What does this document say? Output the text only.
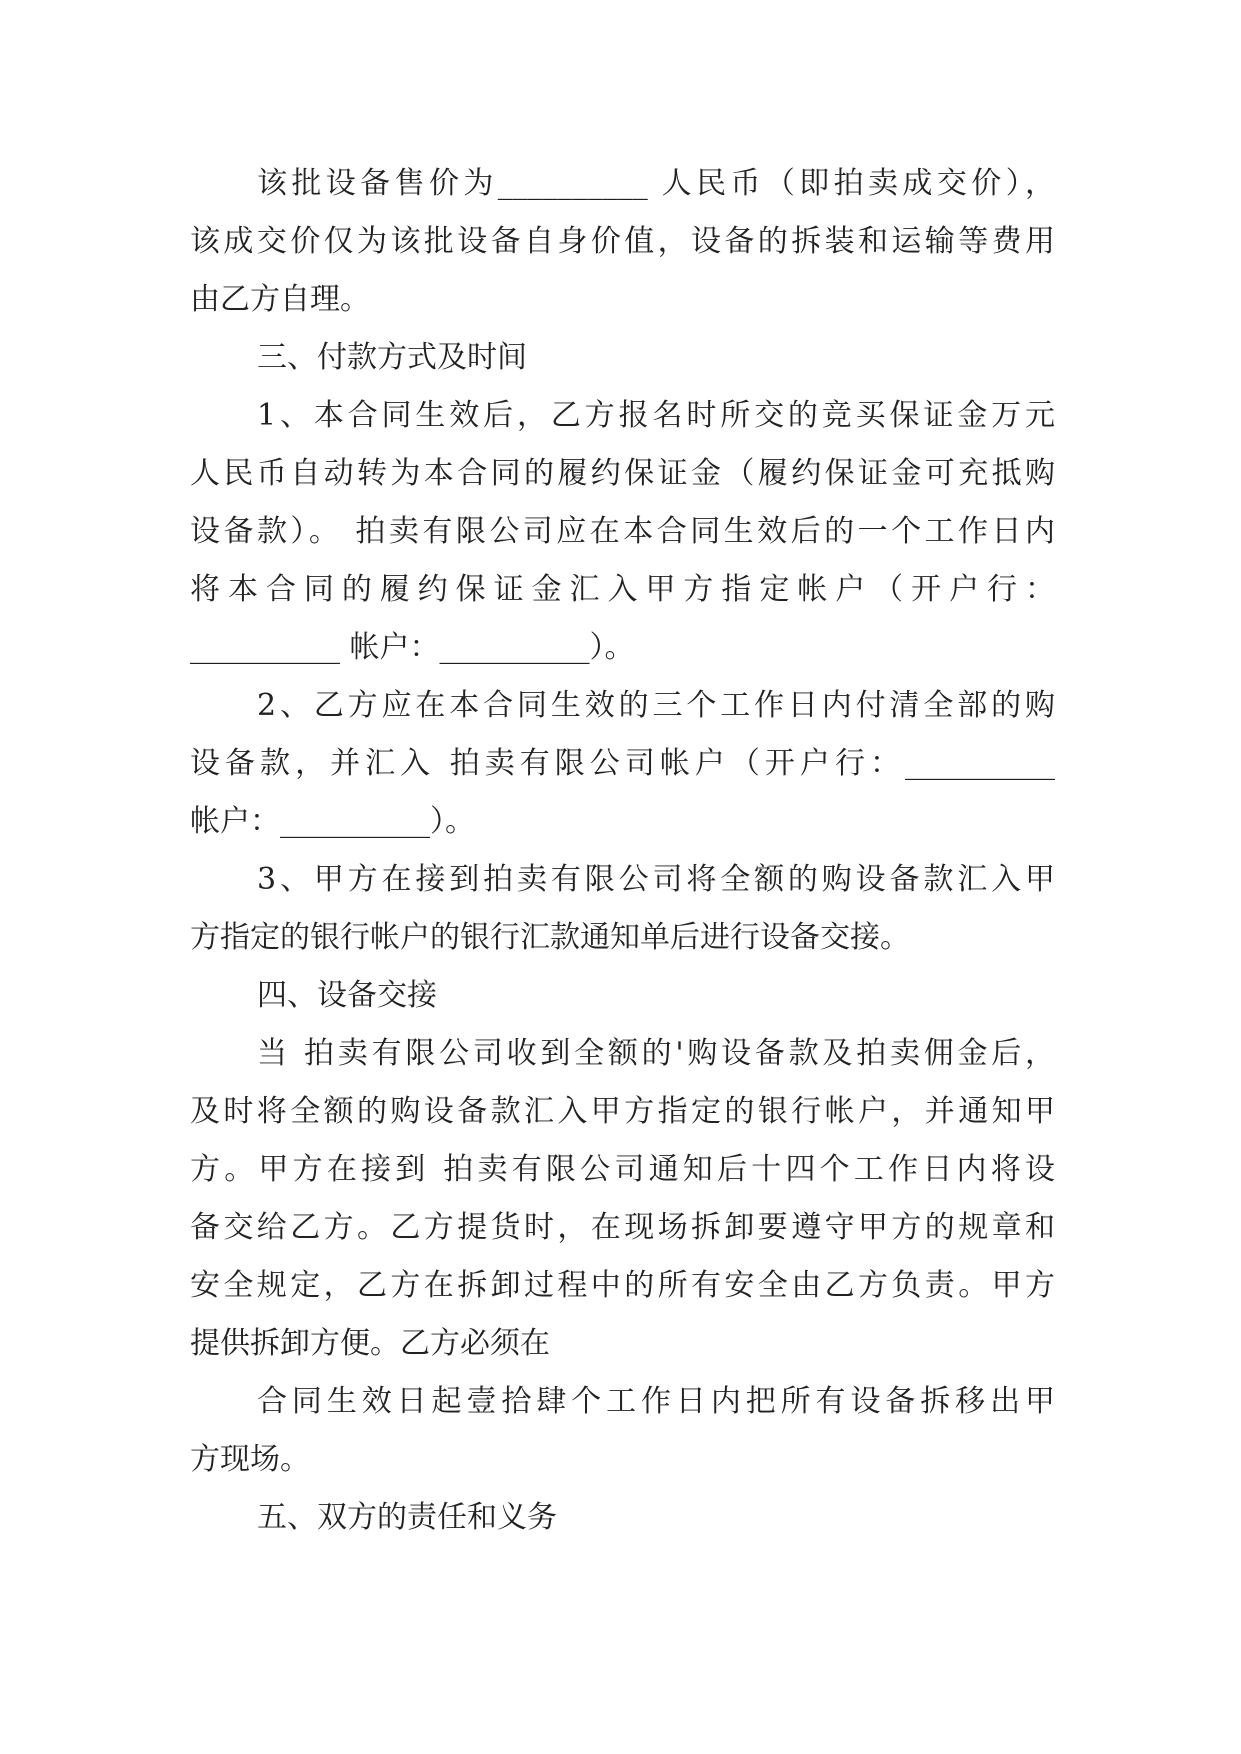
该批设备售价为__________ 人民币（即拍卖成交价），
该成交价仅为该批设备自身价值，设备的拆装和运输等费用
由乙方自理。
三、付款方式及时间
1、本合同生效后，乙方报名时所交的竞买保证金万元
人民币自动转为本合同的履约保证金（履约保证金可充抵购
设备款）。 拍卖有限公司应在本合同生效后的一个工作日内
将本合同的履约保证金汇入甲方指定帐户（开户行：
__________ 帐户：__________）。
2、乙方应在本合同生效的三个工作日内付清全部的购
设备款，并汇入 拍卖有限公司帐户（开户行：__________
帐户：__________）。
3、甲方在接到拍卖有限公司将全额的购设备款汇入甲
方指定的银行帐户的银行汇款通知单后进行设备交接。
四、设备交接
当 拍卖有限公司收到全额的'购设备款及拍卖佣金后，
及时将全额的购设备款汇入甲方指定的银行帐户，并通知甲
方。甲方在接到 拍卖有限公司通知后十四个工作日内将设
备交给乙方。乙方提货时，在现场拆卸要遵守甲方的规章和
安全规定，乙方在拆卸过程中的所有安全由乙方负责。甲方
提供拆卸方便。乙方必须在
合同生效日起壹拾肆个工作日内把所有设备拆移出甲
方现场。
五、双方的责任和义务
